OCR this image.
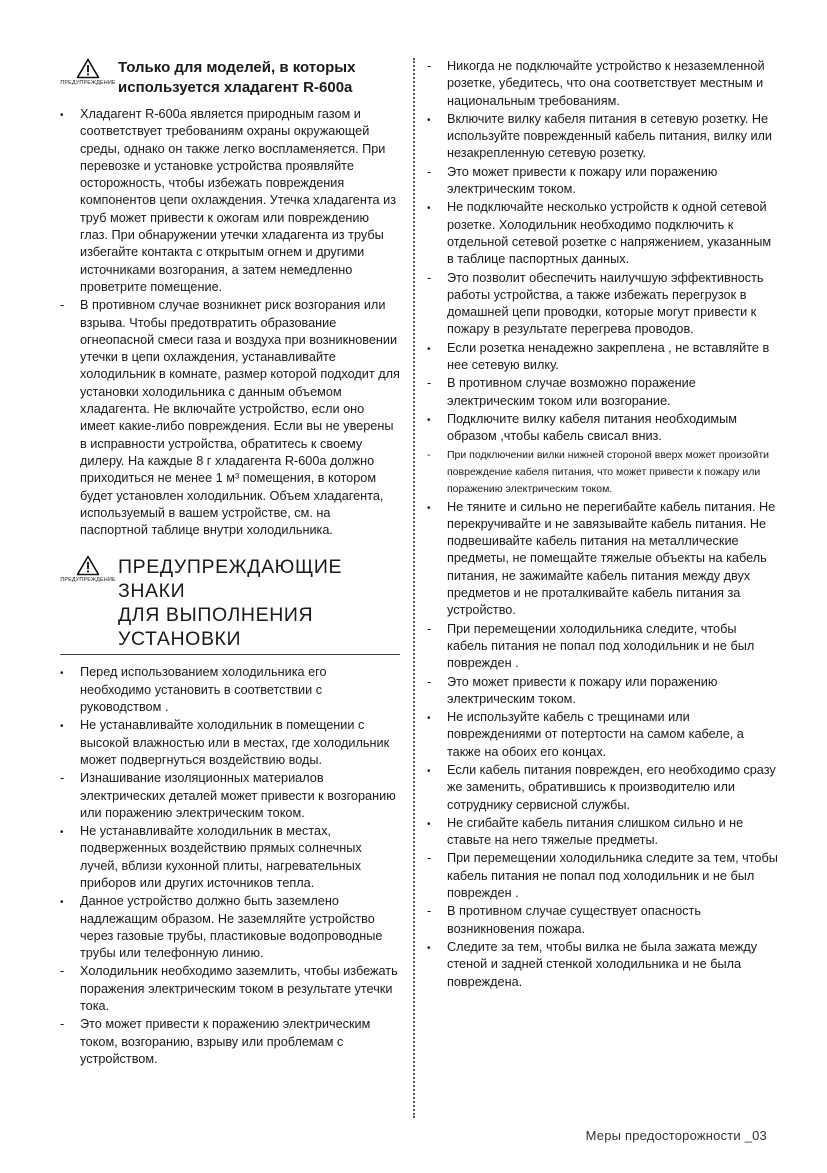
ПРЕДУПРЕЖДЕНИЕ
Только для моделей, в которых
используется хладагент R-600a
•
Хладагент R-600a является природным газом и соответствует требованиям охраны окружающей среды, однако он также легко воспламеняется. При перевозке и установке устройства проявляйте осторожность, чтобы избежать повреждения компонентов цепи охлаждения. Утечка хладагента из труб может привести к ожогам или повреждению глаз. При обнаружении утечки хладагента из трубы избегайте контакта с открытым огнем и другими источниками возгорания, а затем немедленно проветрите помещение.
-
В противном случае возникнет риск возгорания или взрыва. Чтобы предотвратить образование огнеопасной смеси газа и воздуха при возникновении утечки в цепи охлаждения, устанавливайте холодильник в комнате, размер которой подходит для установки холодильника с данным объемом хладагента. Не включайте устройство, если оно имеет какие-либо повреждения. Если вы не уверены в исправности устройства, обратитесь к своему дилеру. На каждые 8 г хладагента R-600a должно приходиться не менее 1 м³ помещения, в котором будет установлен холодильник. Объем хладагента, используемый в вашем устройстве, см. на паспортной таблице внутри холодильника.
ПРЕДУПРЕЖДЕНИЕ
ПРЕДУПРЕЖДАЮЩИЕ ЗНАКИ
ДЛЯ ВЫПОЛНЕНИЯ УСТАНОВКИ
•
Перед использованием холодильника его необходимо установить в соответствии с руководством .
•
Не устанавливайте холодильник в помещении с высокой влажностью или в местах, где холодильник может подвергнуться воздействию воды.
-
Изнашивание изоляционных материалов электрических деталей может привести к возгоранию или поражению электрическим током.
•
Не устанавливайте холодильник в местах, подверженных воздействию прямых солнечных лучей, вблизи кухонной плиты, нагревательных приборов или других источников тепла.
•
Данное устройство должно быть заземлено надлежащим образом. Не заземляйте устройство через газовые трубы, пластиковые водопроводные трубы или телефонную линию.
-
Холодильник необходимо заземлить, чтобы избежать поражения электрическим током в результате утечки тока.
-
Это может привести к поражению электрическим током, возгоранию, взрыву или проблемам с устройством.
-
Никогда не подключайте устройство к незаземленной розетке, убедитесь, что она соответствует местным и национальным требованиям.
•
Включите вилку кабеля питания в сетевую розетку. Не используйте поврежденный кабель питания, вилку или незакрепленную сетевую розетку.
-
Это может привести к пожару или поражению электрическим током.
•
Не подключайте несколько устройств к одной сетевой розетке. Холодильник необходимо подключить к отдельной сетевой розетке с напряжением, указанным в таблице паспортных данных.
-
Это позволит обеспечить наилучшую эффективность работы устройства, а также избежать перегрузок в домашней цепи проводки, которые могут привести к пожару в результате перегрева проводов.
•
Если розетка ненадежно закреплена , не вставляйте в нее сетевую вилку.
-
В противном случае возможно поражение электрическим током или возгорание.
•
Подключите вилку кабеля питания необходимым образом ,чтобы кабель свисал вниз.
-
При подключении вилки нижней стороной вверх может произойти повреждение кабеля питания, что может привести к пожару или поражению электрическим током.
•
Не тяните и сильно не перегибайте кабель питания. Не перекручивайте и не завязывайте кабель питания. Не подвешивайте кабель питания на металлические предметы, не помещайте тяжелые объекты на кабель питания, не зажимайте кабель питания между двух предметов и не проталкивайте кабель питания за устройство.
-
При перемещении холодильника следите, чтобы кабель питания не попал под холодильник и не был поврежден .
-
Это может привести к пожару или поражению электрическим током.
•
Не используйте кабель с трещинами или повреждениями от потертости на самом кабеле, а также на обоих его концах.
•
Если кабель питания поврежден, его необходимо сразу же заменить, обратившись к производителю или сотруднику сервисной службы.
•
Не сгибайте кабель питания слишком сильно и не ставьте на него тяжелые предметы.
-
При перемещении холодильника следите за тем, чтобы кабель питания не попал под холодильник и не был поврежден .
-
В противном случае существует опасность возникновения пожара.
•
Следите за тем, чтобы вилка не была зажата между стеной и задней стенкой холодильника и не была повреждена.
Меры предосторожности _03
